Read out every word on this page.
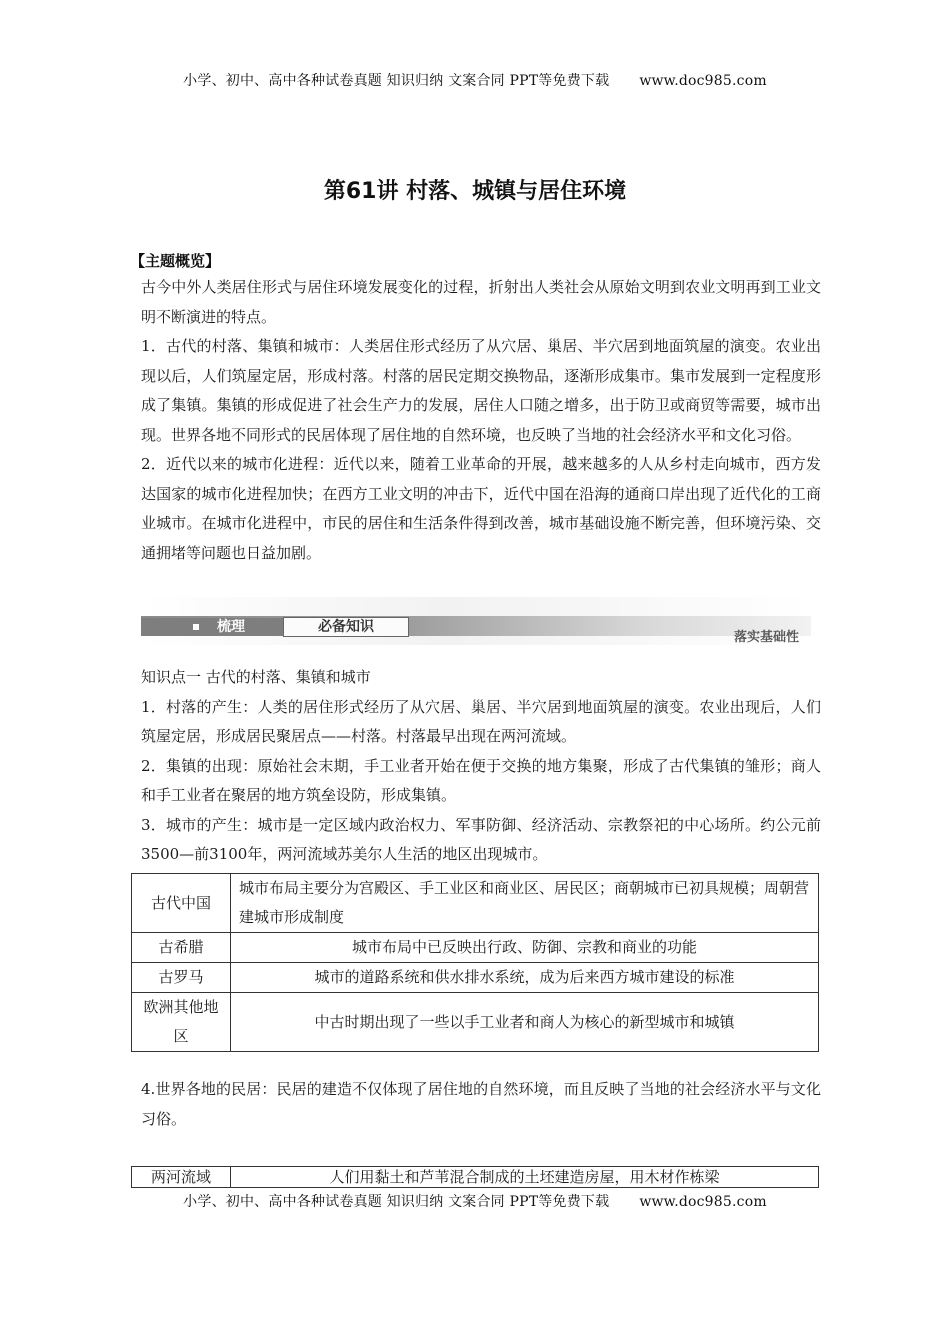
小学、初中、高中各种试卷真题 知识归纳 文案合同 PPT等免费下载 www.doc985.com
第61讲 村落、城镇与居住环境
【主题概览】

古今中外人类居住形式与居住环境发展变化的过程，折射出人类社会从原始文明到农业文明再到工业文明不断演进的特点。

1．古代的村落、集镇和城市：人类居住形式经历了从穴居、巢居、半穴居到地面筑屋的演变。农业出现以后，人们筑屋定居，形成村落。村落的居民定期交换物品，逐渐形成集市。集市发展到一定程度形成了集镇。集镇的形成促进了社会生产力的发展，居住人口随之增多，出于防卫或商贸等需要，城市出现。世界各地不同形式的民居体现了居住地的自然环境，也反映了当地的社会经济水平和文化习俗。

2．近代以来的城市化进程：近代以来，随着工业革命的开展，越来越多的人从乡村走向城市，西方发达国家的城市化进程加快；在西方工业文明的冲击下，近代中国在沿海的通商口岸出现了近代化的工商业城市。在城市化进程中，市民的居住和生活条件得到改善，城市基础设施不断完善，但环境污染、交通拥堵等问题也日益加剧。

梳理	必备知识
落实基础性

知识点一 古代的村落、集镇和城市

1．村落的产生：人类的居住形式经历了从穴居、巢居、半穴居到地面筑屋的演变。农业出现后，人们筑屋定居，形成居民聚居点——村落。村落最早出现在两河流域。

2．集镇的出现：原始社会末期，手工业者开始在便于交换的地方集聚，形成了古代集镇的雏形；商人和手工业者在聚居的地方筑垒设防，形成集镇。

3．城市的产生：城市是一定区域内政治权力、军事防御、经济活动、宗教祭祀的中心场所。约公元前3500—前3100年，两河流域苏美尔人生活的地区出现城市。

古代中国	城市布局主要分为宫殿区、手工业区和商业区、居民区；商朝城市已初具规模；周朝营建城市形成制度
古希腊	城市布局中已反映出行政、防御、宗教和商业的功能
古罗马	城市的道路系统和供水排水系统，成为后来西方城市建设的标准
欧洲其他地区	中古时期出现了一些以手工业者和商人为核心的新型城市和城镇

4.世界各地的民居：民居的建造不仅体现了居住地的自然环境，而且反映了当地的社会经济水平与文化习俗。

两河流域	人们用黏土和芦苇混合制成的土坯建造房屋，用木材作栋梁
小学、初中、高中各种试卷真题 知识归纳 文案合同 PPT等免费下载 www.doc985.com
